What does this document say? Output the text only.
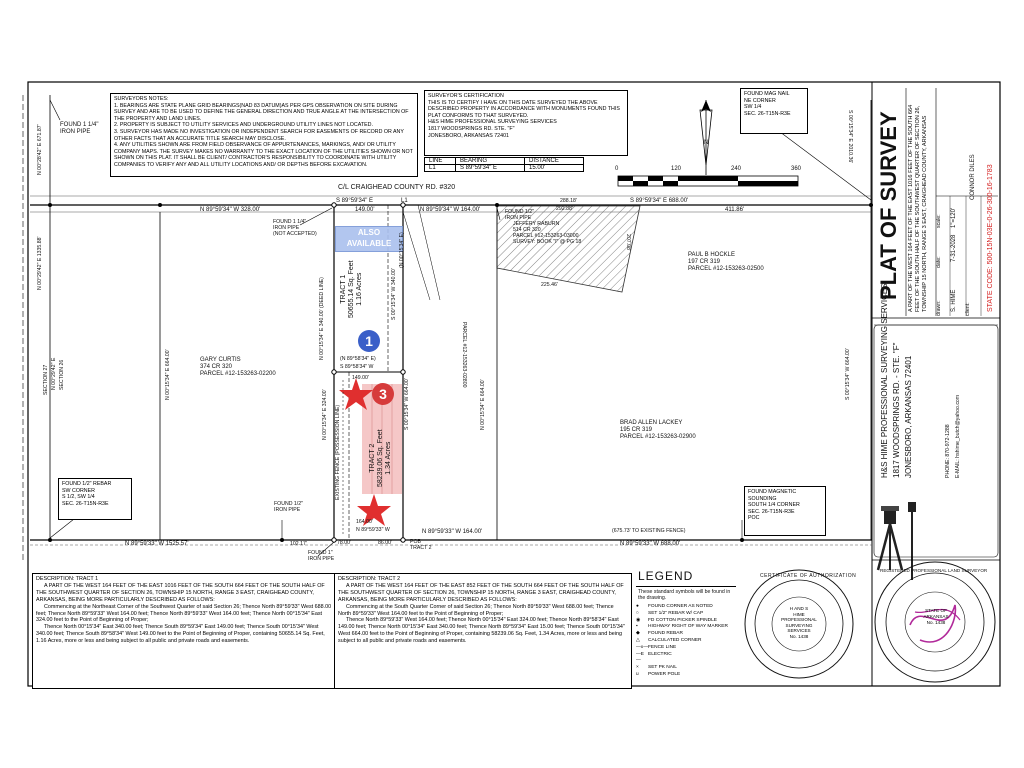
SURVEYORS NOTES:
1. BEARINGS ARE STATE PLANE GRID BEARINGS(NAD 83 DATUM)AS PER GPS OBSERVATION ON SITE DURING SURVEY AND ARE TO BE USED TO DEFINE THE GENERAL DIRECTION AND TRUE ANGLE AT THE INTERSECTION OF THE PROPERTY AND LAND LINES.
2. PROPERTY IS SUBJECT TO UTILITY SERVICES AND UNDERGROUND UTILITY LINES NOT LOCATED.
3. SURVEYOR HAS MADE NO INVESTIGATION OR INDEPENDENT SEARCH FOR EASEMENTS OF RECORD OR ANY OTHER FACTS THAT AN ACCURATE TITLE SEARCH MAY DISCLOSE.
4. ANY UTILITIES SHOWN ARE FROM FIELD OBSERVANCE OF APPURTENANCES, MARKINGS, AND/ OR UTILITY COMPANY MAPS. THE SURVEY MAKES NO WARRANTY TO THE EXACT LOCATION OF THE UTILITIES SHOWN OR NOT SHOWN ON THIS PLAT. IT SHALL BE CLIENT/ CONTRACTOR'S RESPONSIBILITY TO COORDINATE WITH UTILITY COMPANIES TO VERIFY ANY AND ALL UTILITY LOCATIONS AND/ OR DEPTHS BEFORE EXCAVATION.
SURVEYOR'S CERTIFICATION
THIS IS TO CERTIFY I HAVE ON THIS DATE SURVEYED THE ABOVE DESCRIBED PROPERTY IN ACCORDANCE WITH MONUMENTS FOUND THIS PLAT CONFORMS TO THAT SURVEYED.
H&S HIME PROFESSIONAL SURVEYING SERVICES
1817 WOODSPRINGS RD. STE. "F"
JONESBORO, ARKANSAS 72401
LINE	BEARING	DISTANCE
L1	S 89°59'34" E	15.00'	0	120	240	360
N
FOUND MAG NAIL
NE CORNER
SW 1/4
SEC. 26-T15N-R3E
C/L CRAIGHEAD COUNTY RD. #320
N 89°59'34" W 328.00'
S 89°59'34" E
149.00'
L1
N 89°59'34" W 164.00'
S 89°59'34" E 688.00'
411.86'
288.18'
292.88'
FOUND 1 1/4"
IRON PIPE
FOUND 1 1/4"
IRON PIPE
(NOT ACCEPTED)
FOUND 1/2"
IRON PIPE
ALSO
AVAILABLE
JEFFERY RABURN
514 CR 320
PARCEL #12-153263-03000
SURVEY: BOOK "I" @ PG 18
PAUL B HOCKLE
197 CR 319
PARCEL #12-153263-02500
GARY CURTIS
374 CR 320
PARCEL #12-153263-02200
BRAD ALLEN LACKEY
195 CR 319
PARCEL #12-153263-02900
PARCEL #12-153263-02800
225.46'
207.08'
TRACT 1 50655.14 Sq. Feet 1.16 Acres
TRACT 2 58239.06 Sq. Feet 1.34 Acres
1
3
N 00°28'42" E 671.87'
N 00°29'42" E 1335.88'
N 00°29'42" E
SECTION 27 SECTION 26	N 00°15'34" E 664.00'
N 00°15'34" E 340.00' (DEED LINE)	S 00°15'34" W 340.00'
(N 00°15'34" E)
N 00°15'34" E 324.00'	S 00°15'34" W 664.00'
EXISTING FENCE (POSSESSION LINE)
N 00°15'34" E 664.00'
S 00°15'34" W 664.00'
S 00°15'34" E 2010.36'
(N 89°58'34" E)
S 89°58'34" W
149.00'
164.00'
N 89°59'33" W
N 89°59'33" W 1525.57'
N 89°59'33" W 164.00'
N 89°59'33" W 688.00'
(675.73' TO EXISTING FENCE)
102.17'	78.00'	86.00'	POB
TRACT 2
FOUND 1/2" REBAR
SW CORNER
S 1/2, SW 1/4
SEC. 26-T15N-R3E	FOUND 1/2"
IRON PIPE
FOUND 1"
IRON PIPE
FOUND MAGNETIC
SOUNDING
SOUTH 1/4 CORNER
SEC. 26-T15N-R3E
POC
DESCRIPTION: TRACT 1
A PART OF THE WEST 164 FEET OF THE EAST 1016 FEET OF THE SOUTH 664 FEET OF THE SOUTH HALF OF THE SOUTHWEST QUARTER OF SECTION 26, TOWNSHIP 15 NORTH, RANGE 3 EAST, CRAIGHEAD COUNTY, ARKANSAS, BEING MORE PARTICULARLY DESCRIBED AS FOLLOWS:
Commencing at the Northeast Corner of the Southwest Quarter of said Section 26; Thence North 89°59'33" West 688.00 feet; Thence North 89°59'33" West 164.00 feet; Thence North 89°59'33" West 164.00 feet; Thence North 00°15'34" East 324.00 feet to the Point of Beginning of Proper;
Thence North 00°15'34" East 340.00 feet; Thence South 89°59'34" East 149.00 feet; Thence South 00°15'34" West 340.00 feet; Thence South 89°58'34" West 149.00 feet to the Point of Beginning of Proper, containing 50655.14 Sq. Feet, 1.16 Acres, more or less and being subject to all public and private roads and easements.
DESCRIPTION: TRACT 2
A PART OF THE WEST 164 FEET OF THE EAST 852 FEET OF THE SOUTH 664 FEET OF THE SOUTH HALF OF THE SOUTHWEST QUARTER OF SECTION 26, TOWNSHIP 15 NORTH, RANGE 3 EAST, CRAIGHEAD COUNTY, ARKANSAS, BEING MORE PARTICULARLY DESCRIBED AS FOLLOWS:
Commencing at the South Quarter Corner of said Section 26; Thence North 89°59'33" West 688.00 feet; Thence North 89°59'33" West 164.00 feet to the Point of Beginning of Proper;
Thence North 89°59'33" West 164.00 feet; Thence North 00°15'34" East 324.00 feet; Thence North 89°58'34" East 149.00 feet; Thence North 00°15'34" East 340.00 feet; Thence North 89°59'34" East 15.00 feet; Thence South 00°15'34" West 664.00 feet to the Point of Beginning of Proper, containing 58239.06 Sq. Feet, 1.34 Acres, more or less and being subject to all public and private roads and easements.
LEGEND
These standard symbols will be found in the drawing.
●	FOUND CORNER AS NOTED
○	SET 1/2" REBAR W/ CAP
◉	FD COTTON PICKER SPINDLE
▪	HIGHWAY RIGHT OF WAY MARKER
◆	FOUND REBAR
△	CALCULATED CORNER
—x— FENCE LINE
—E—
ELECTRIC
×	SET PK NAIL
ʊ	POWER POLE
CERTIFICATE OF AUTHORIZATION
H AND S
HIME
PROFESSIONAL
SURVEYING
SERVICES
No. 1438
REGISTERED PROFESSIONAL LAND SURVEYOR
STATE OF
ARKANSAS
No. 1438
PLAT OF SURVEY A PART OF THE WEST 164 FEET OF THE EAST 1016 FEET OF THE SOUTH 664 FEET OF THE SOUTH HALF OF THE SOUTHWEST QUARTER OF SECTION 26, TOWNSHIP 15 NORTH, RANGE 3 EAST, CRAIGHEAD COUNTY, ARKANSAS drawn: S. HIME
date:
7-31-2028
scale: 1"=120'
client:
CONNOR DILES STATE CODE: 500-15N-03E-0-26-300-16-1783
H&S HIME PROFESSIONAL SURVEYING SERVICES 1817 WOODSPRINGS RD. - STE. "F" JONESBORO, ARKANSAS 72401	PHONE: 870-972-1288 E-MAIL: hshime_butch@yahoo.com
